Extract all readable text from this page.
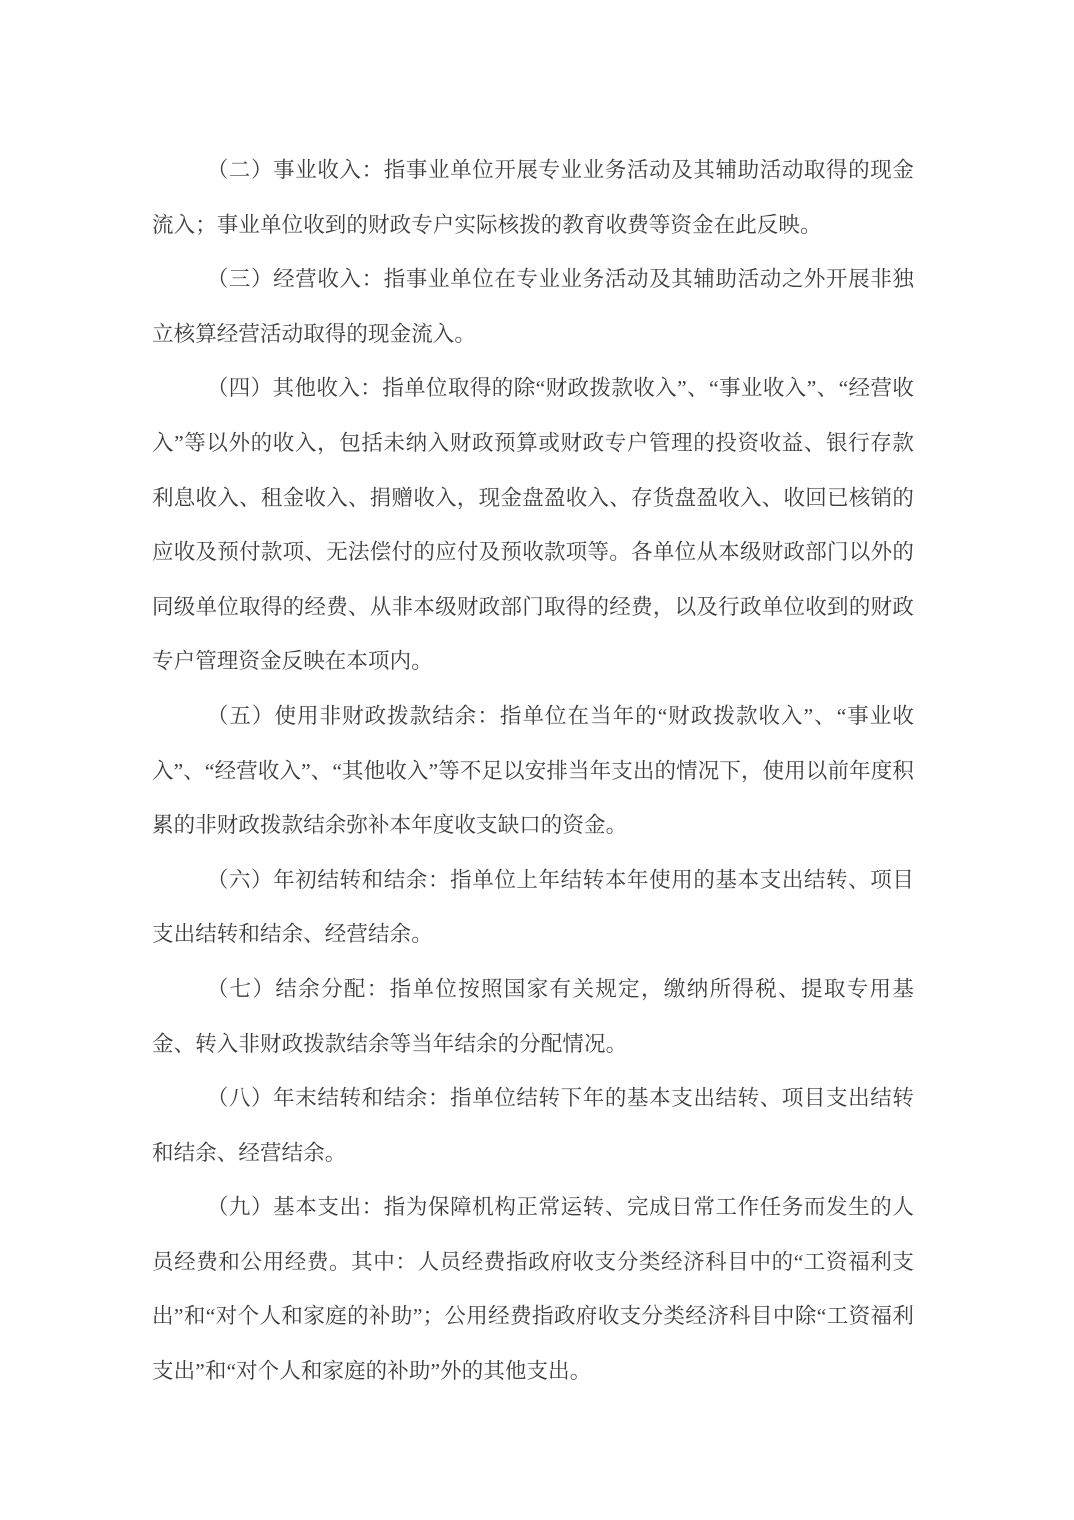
（二）事业收入：指事业单位开展专业业务活动及其辅助活动取得的现金流入；事业单位收到的财政专户实际核拨的教育收费等资金在此反映。

（三）经营收入：指事业单位在专业业务活动及其辅助活动之外开展非独立核算经营活动取得的现金流入。

（四）其他收入：指单位取得的除“财政拨款收入”、“事业收入”、“经营收入”等以外的收入，包括未纳入财政预算或财政专户管理的投资收益、银行存款利息收入、租金收入、捐赠收入，现金盘盈收入、存货盘盈收入、收回已核销的应收及预付款项、无法偿付的应付及预收款项等。各单位从本级财政部门以外的同级单位取得的经费、从非本级财政部门取得的经费，以及行政单位收到的财政专户管理资金反映在本项内。

（五）使用非财政拨款结余：指单位在当年的“财政拨款收入”、“事业收入”、“经营收入”、“其他收入”等不足以安排当年支出的情况下，使用以前年度积累的非财政拨款结余弥补本年度收支缺口的资金。

（六）年初结转和结余：指单位上年结转本年使用的基本支出结转、项目支出结转和结余、经营结余。

（七）结余分配：指单位按照国家有关规定，缴纳所得税、提取专用基金、转入非财政拨款结余等当年结余的分配情况。

（八）年末结转和结余：指单位结转下年的基本支出结转、项目支出结转和结余、经营结余。

（九）基本支出：指为保障机构正常运转、完成日常工作任务而发生的人员经费和公用经费。其中：人员经费指政府收支分类经济科目中的“工资福利支出”和“对个人和家庭的补助”；公用经费指政府收支分类经济科目中除“工资福利支出”和“对个人和家庭的补助”外的其他支出。
